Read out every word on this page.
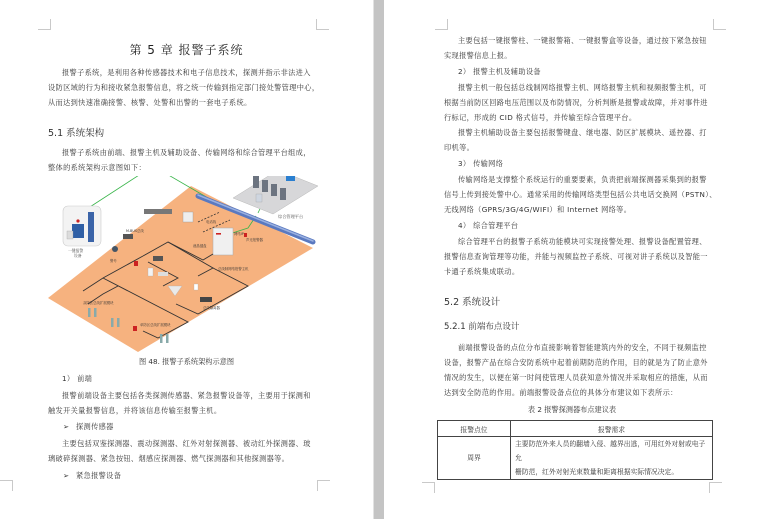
第 5 章 报警子系统
报警子系统，是利用各种传感器技术和电子信息技术，探测并指示非法进入
设防区域的行为和接收紧急报警信息，将之统一传输到指定部门接处警管理中心，
从而达到快速准确接警、核警、处警和出警的一套电子系统。
5.1 系统架构
报警子系统由前端、报警主机及辅助设备、传输网络和综合管理平台组成，
整体的系统架构示意图如下：
综合管理平台
一键报警
设备
M-BUS总线
电话线
网络IP
声光报警器
总线制网络报警主机
警号
双防区总线扩展模块
单防区总线扩展模块
总线隔离器
液晶键盘
图 48. 报警子系统架构示意图
1） 前端
报警前端设备主要包括各类探测传感器、紧急报警设备等，主要用于探测和
触发开关量报警信息，并将该信息传输至报警主机。
➢ 探测传感器
主要包括双鉴探测器、震动探测器、红外对射探测器、被动红外探测器、玻
璃破碎探测器、紧急按钮、烟感应探测器、燃气探测器和其他探测器等。
➢ 紧急报警设备
主要包括一键报警柱、一键报警箱、一键报警盒等设备，通过按下紧急按钮
实现报警信息上报。
2） 报警主机及辅助设备
报警主机一般包括总线制网络报警主机、网络报警主机和视频报警主机，可
根据当前防区回路电压范围以及布防情况，分析判断是报警或故障，并对事件进
行标记，形成的 CID 格式信号，并传输至综合管理平台。
报警主机辅助设备主要包括报警键盘、继电器、防区扩展模块、遥控器、打
印机等。
3） 传输网络
传输网络是支撑整个系统运行的重要要素，负责把前端探测器采集到的报警
信号上传到接处警中心。通常采用的传输网络类型包括公共电话交换网（PSTN）、
无线网络（GPRS/3G/4G/WIFI）和 Internet 网络等。
4） 综合管理平台
综合管理平台的报警子系统功能模块可实现接警处理、报警设备配置管理、
报警信息查询管理等功能，并能与视频监控子系统、可视对讲子系统以及智能一
卡通子系统集成联动。
5.2 系统设计
5.2.1 前端布点设计
前端报警设备的点位分布直接影响着智能建筑内外的安全，不同于视频监控
设备，报警产品在综合安防系统中起着前期防范的作用，目的就是为了防止意外
情况的发生，以便在第一时间使管理人员获知意外情况并采取相应的措施，从而
达到安全防范的作用。前端报警设备点位的具体分布建议如下表所示：
表 2 报警探测器布点建议表
报警点位	报警需求
周界	主要防范外来人员的翻墙入侵、越界出逃，可用红外对射或电子允
栅防范，红外对射光束数量和距离根据实际情况决定。
